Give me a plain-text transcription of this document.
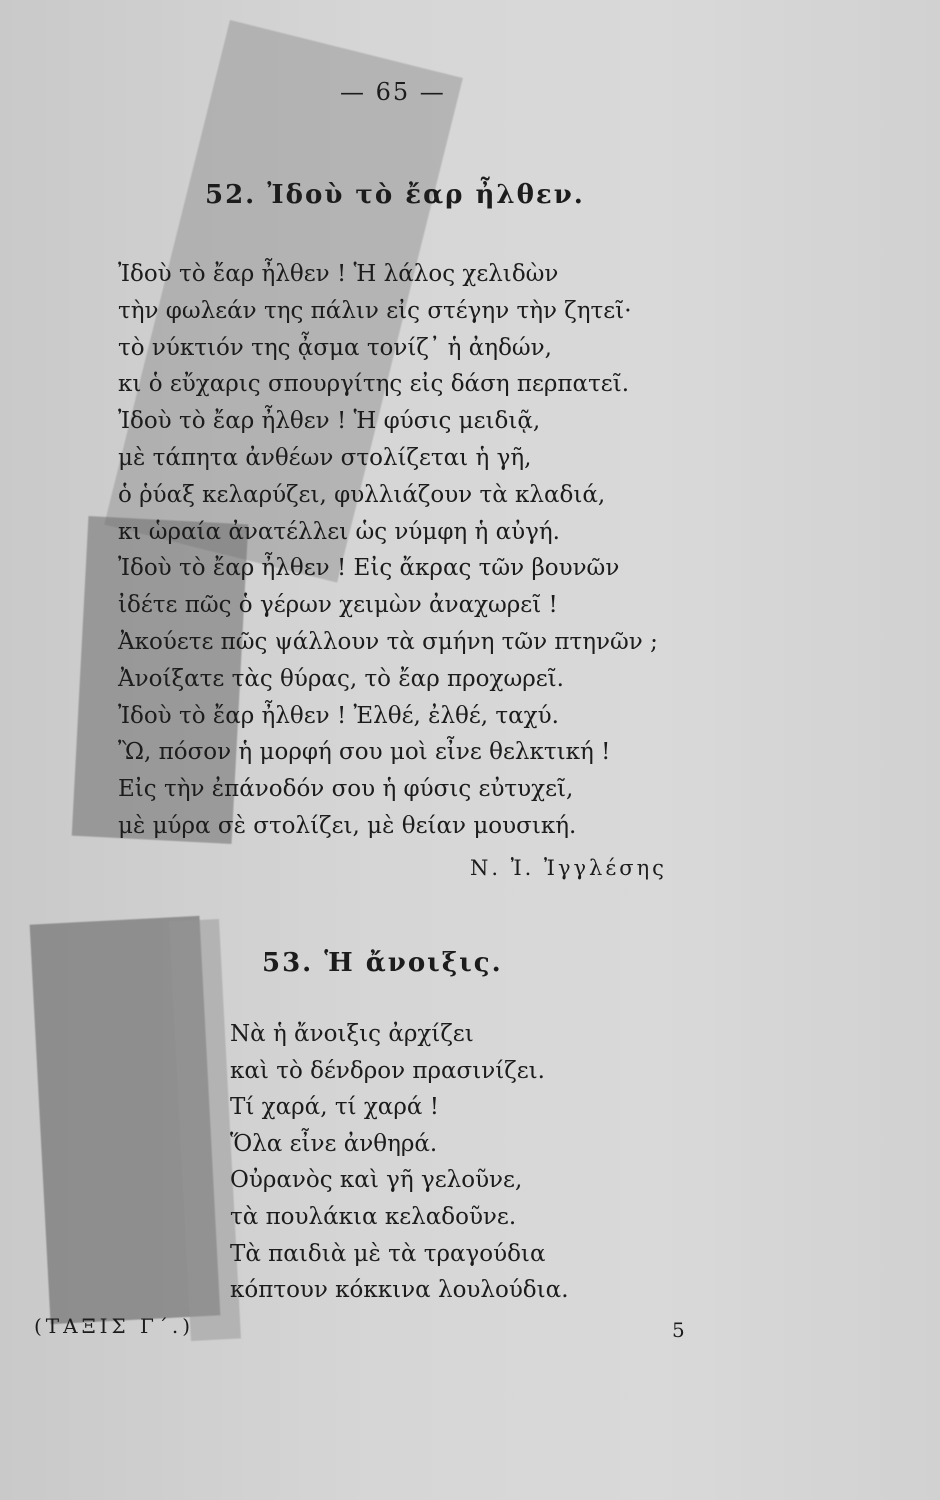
— 65 —
52. Ἰδοὺ τὸ ἔαρ ἦλθεν.
Ἰδοὺ τὸ ἔαρ ἦλθεν ! Ἡ λάλος χελιδὼν
τὴν φωλεάν της πάλιν εἰς στέγην τὴν ζητεῖ·
τὸ νύκτιόν της ᾆσμα τονίζ᾽ ἡ ἀηδών,
κι ὁ εὔχαρις σπουργίτης εἰς δάση περπατεῖ.
Ἰδοὺ τὸ ἔαρ ἦλθεν ! Ἡ φύσις μειδιᾷ,
μὲ τάπητα ἀνθέων στολίζεται ἡ γῆ,
ὁ ῥύαξ κελαρύζει, φυλλιάζουν τὰ κλαδιά,
κι ὡραία ἀνατέλλει ὡς νύμφη ἡ αὐγή.
Ἰδοὺ τὸ ἔαρ ἦλθεν ! Εἰς ἄκρας τῶν βουνῶν
ἰδέτε πῶς ὁ γέρων χειμὼν ἀναχωρεῖ !
Ἀκούετε πῶς ψάλλουν τὰ σμήνη τῶν πτηνῶν ;
Ἀνοίξατε τὰς θύρας, τὸ ἔαρ προχωρεῖ.
Ἰδοὺ τὸ ἔαρ ἦλθεν ! Ἐλθέ, ἐλθέ, ταχύ.
Ὢ, πόσον ἡ μορφή σου μοὶ εἶνε θελκτική !
Εἰς τὴν ἐπάνοδόν σου ἡ φύσις εὐτυχεῖ,
μὲ μύρα σὲ στολίζει, μὲ θείαν μουσική.
Ν. Ἰ. Ἰγγλέσης
53. Ἡ ἄνοιξις.
Νὰ ἡ ἄνοιξις ἀρχίζει
καὶ τὸ δένδρον πρασινίζει.
Τί χαρά, τί χαρά !
Ὅλα εἶνε ἀνθηρά.
Οὐρανὸς καὶ γῆ γελοῦνε,
τὰ πουλάκια κελαδοῦνε.
Τὰ παιδιὰ μὲ τὰ τραγούδια
κόπτουν κόκκινα λουλούδια.
(ΤΑΞΙΣ Γ΄.)	5
